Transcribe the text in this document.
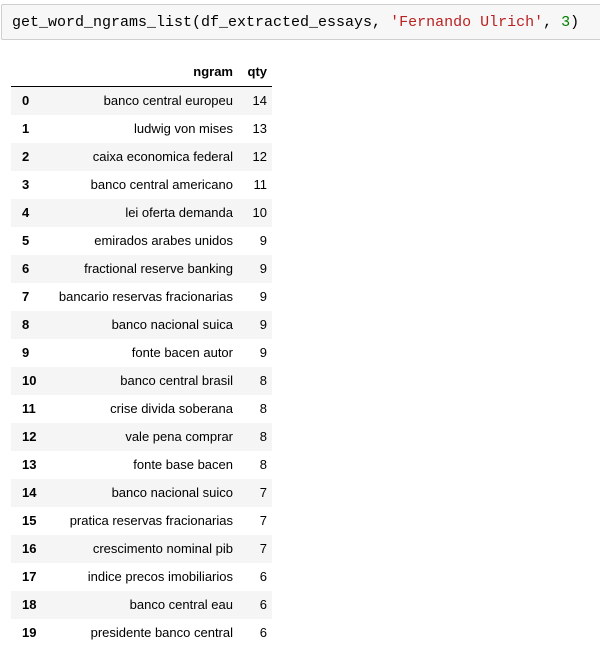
get_word_ngrams_list(df_extracted_essays, 'Fernando Ulrich', 3)
	ngram	qty
0	banco central europeu	14
1	ludwig von mises	13
2	caixa economica federal	12
3	banco central americano	11
4	lei oferta demanda	10
5	emirados arabes unidos	9
6	fractional reserve banking	9
7	bancario reservas fracionarias	9
8	banco nacional suica	9
9	fonte bacen autor	9
10	banco central brasil	8
11	crise divida soberana	8
12	vale pena comprar	8
13	fonte base bacen	8
14	banco nacional suico	7
15	pratica reservas fracionarias	7
16	crescimento nominal pib	7
17	indice precos imobiliarios	6
18	banco central eau	6
19	presidente banco central	6
